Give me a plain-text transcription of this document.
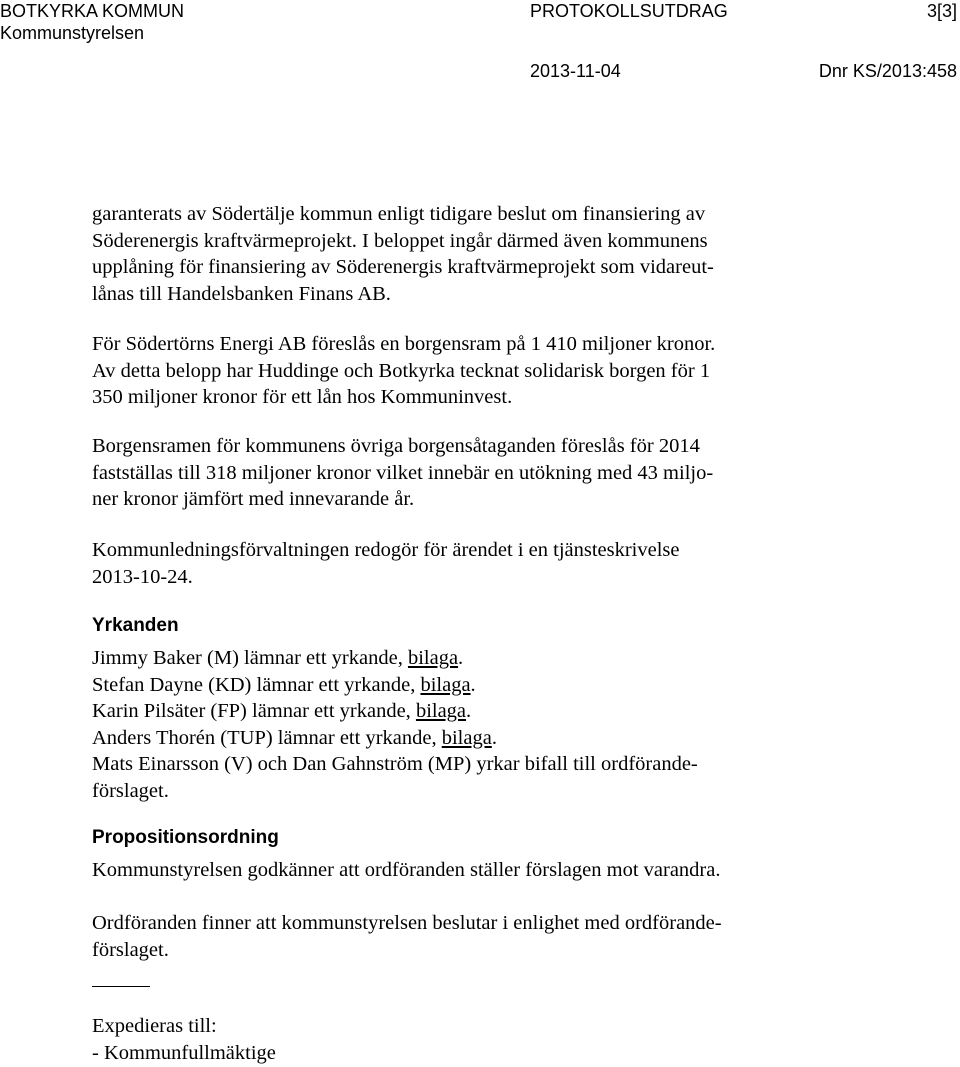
BOTKYRKA KOMMUN	PROTOKOLLSUTDRAG	3[3]
Kommunstyrelsen
2013-11-04	Dnr KS/2013:458
garanterats av Södertälje kommun enligt tidigare beslut om finansiering av
Söderenergis kraftvärmeprojekt. I beloppet ingår därmed även kommunens
upplåning för finansiering av Söderenergis kraftvärmeprojekt som vidareut-
lånas till Handelsbanken Finans AB.
För Södertörns Energi AB föreslås en borgensram på 1 410 miljoner kronor.
Av detta belopp har Huddinge och Botkyrka tecknat solidarisk borgen för 1
350 miljoner kronor för ett lån hos Kommuninvest.
Borgensramen för kommunens övriga borgensåtaganden föreslås för 2014
fastställas till 318 miljoner kronor vilket innebär en utökning med 43 miljo-
ner kronor jämfört med innevarande år.
Kommunledningsförvaltningen redogör för ärendet i en tjänsteskrivelse
2013-10-24.
Yrkanden
Jimmy Baker (M) lämnar ett yrkande, bilaga.
Stefan Dayne (KD) lämnar ett yrkande, bilaga.
Karin Pilsäter (FP) lämnar ett yrkande, bilaga.
Anders Thorén (TUP) lämnar ett yrkande, bilaga.
Mats Einarsson (V) och Dan Gahnström (MP) yrkar bifall till ordförande-
förslaget.
Propositionsordning
Kommunstyrelsen godkänner att ordföranden ställer förslagen mot varandra.
Ordföranden finner att kommunstyrelsen beslutar i enlighet med ordförande-
förslaget.
Expedieras till:
- Kommunfullmäktige
